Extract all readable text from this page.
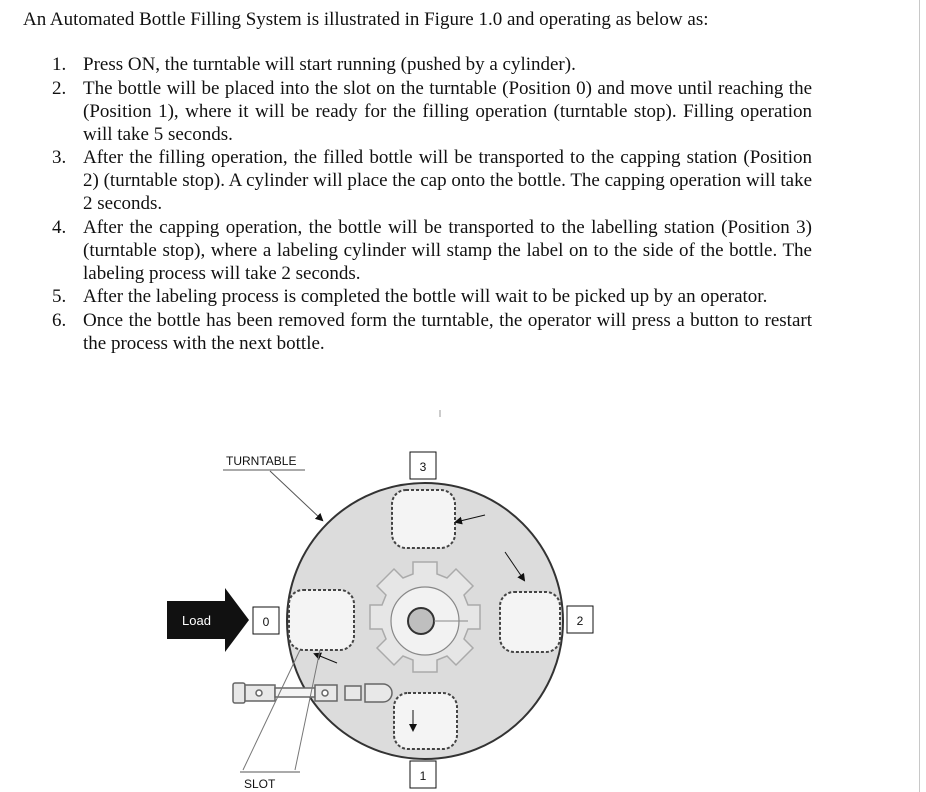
An Automated Bottle Filling System is illustrated in Figure 1.0 and operating as below as:

1. Press ON, the turntable will start running (pushed by a cylinder).
2. The bottle will be placed into the slot on the turntable (Position 0) and move until reaching the (Position 1), where it will be ready for the filling operation (turntable stop). Filling operation will take 5 seconds.
3. After the filling operation, the filled bottle will be transported to the capping station (Position 2) (turntable stop). A cylinder will place the cap onto the bottle. The capping operation will take 2 seconds.
4. After the capping operation, the bottle will be transported to the labelling station (Position 3) (turntable stop), where a labeling cylinder will stamp the label on to the side of the bottle. The labeling process will take 2 seconds.
5. After the labeling process is completed the bottle will wait to be picked up by an operator.
6. Once the bottle has been removed form the turntable, the operator will press a button to restart the process with the next bottle.
Load
3
2
1
0
TURNTABLE
SLOT
